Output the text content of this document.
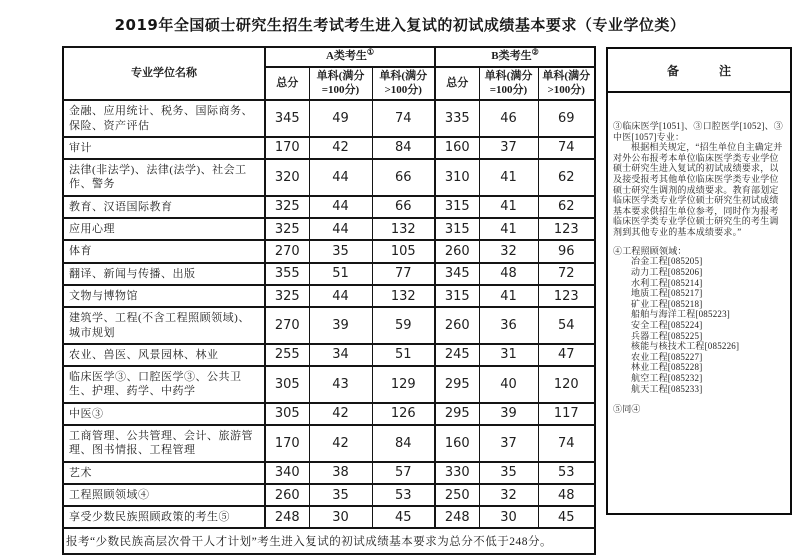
2019年全国硕士研究生招生考试考生进入复试的初试成绩基本要求（专业学位类）
专业学位名称	A类考生①			B类考生②
	总分	单科(满分 =100分)	单科(满分 >100分)	总分	单科(满分 =100分)	单科(满分 >100分)
金融、应用统计、税务、国际商务、保险、资产评估	345	49	74	335	46	69
审计	170	42	84	160	37	74
法律(非法学)、法律(法学)、社会工作、警务	320	44	66	310	41	62
教育、汉语国际教育	325	44	66	315	41	62
应用心理	325	44	132	315	41	123
体育	270	35	105	260	32	96
翻译、新闻与传播、出版	355	51	77	345	48	72
文物与博物馆	325	44	132	315	41	123
建筑学、工程(不含工程照顾领域)、城市规划	270	39	59	260	36	54
农业、兽医、风景园林、林业	255	34	51	245	31	47
临床医学③、口腔医学③、公共卫生、护理、药学、中药学	305	43	129	295	40	120
中医③	305	42	126	295	39	117
工商管理、公共管理、会计、旅游管理、图书情报、工程管理	170	42	84	160	37	74
艺术	340	38	57	330	35	53
工程照顾领域④	260	35	53	250	32	48
享受少数民族照顾政策的考生⑤	248	30	45	248	30	45
报考“少数民族高层次骨干人才计划”考生进入复试的初试成绩基本要求为总分不低于248分。						
备　注
③临床医学[1051]、③口腔医学[1052]、③中医[1057]专业：
根据相关规定，“招生单位自主确定并对外公布报考本单位临床医学类专业学位硕士研究生进入复试的初试成绩要求，以及接受报考其他单位临床医学类专业学位硕士研究生调剂的成绩要求。教育部划定临床医学类专业学位硕士研究生初试成绩基本要求供招生单位参考，同时作为报考临床医学类专业学位硕士研究生的考生调剂到其他专业的基本成绩要求。”
④工程照顾领域：
冶金工程[085205]
动力工程[085206]
水利工程[085214]
地质工程[085217]
矿业工程[085218]
船舶与海洋工程[085223]
安全工程[085224]
兵器工程[085225]
核能与核技术工程[085226]
农业工程[085227]
林业工程[085228]
航空工程[085232]
航天工程[085233]
⑤同④
